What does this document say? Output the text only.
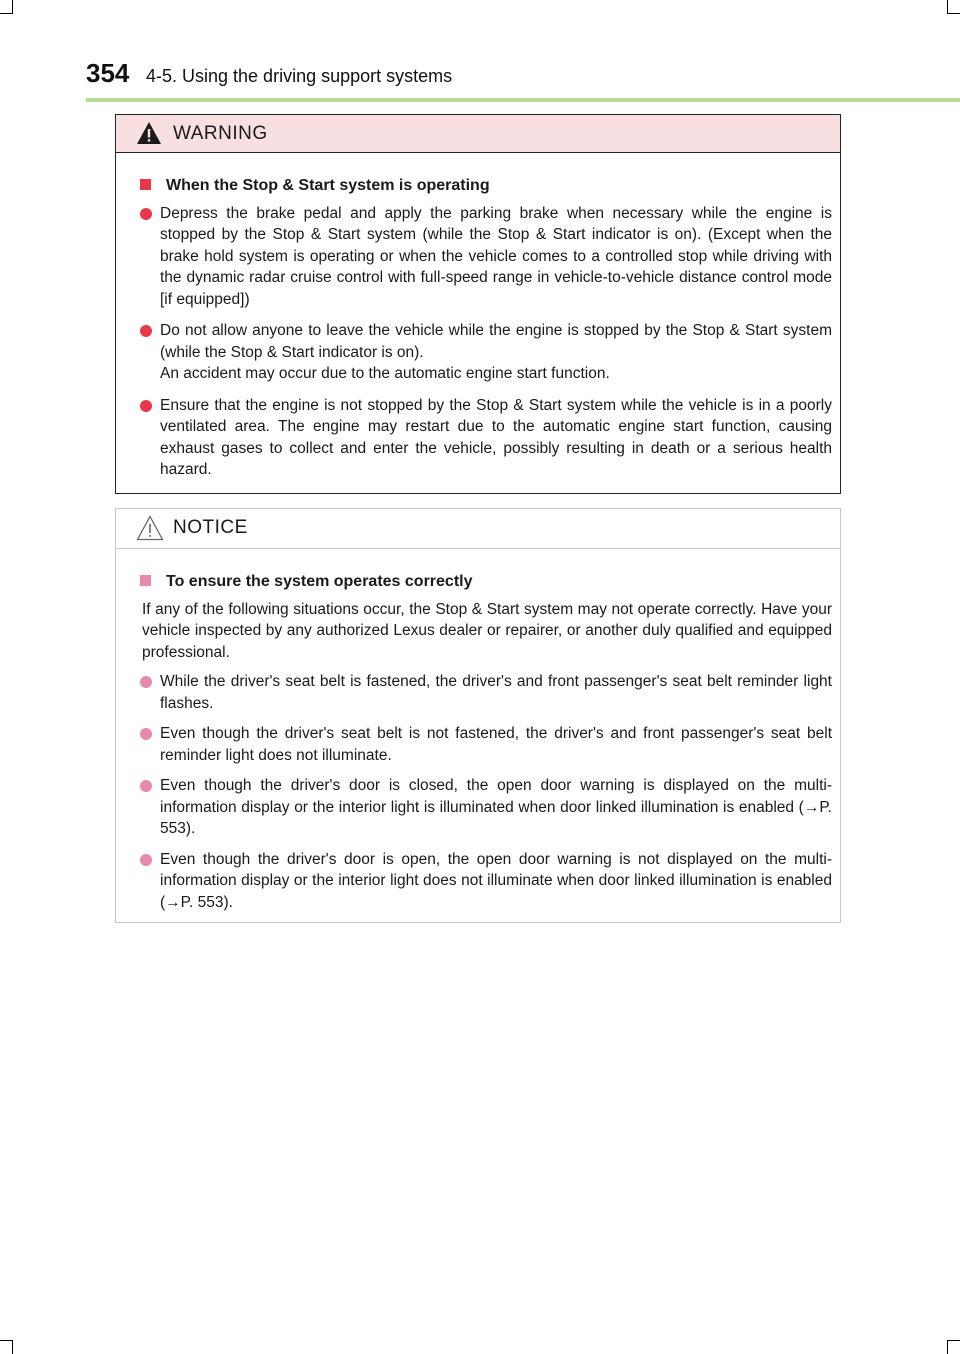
354 4-5. Using the driving support systems
WARNING
When the Stop & Start system is operating
Depress the brake pedal and apply the parking brake when necessary while the engine is stopped by the Stop & Start system (while the Stop & Start indicator is on). (Except when the brake hold system is operating or when the vehicle comes to a controlled stop while driving with the dynamic radar cruise control with full-speed range in vehicle-to-vehicle distance control mode [if equipped])
Do not allow anyone to leave the vehicle while the engine is stopped by the Stop & Start system (while the Stop & Start indicator is on).
An accident may occur due to the automatic engine start function.
Ensure that the engine is not stopped by the Stop & Start system while the vehicle is in a poorly ventilated area. The engine may restart due to the automatic engine start function, causing exhaust gases to collect and enter the vehicle, possibly resulting in death or a serious health hazard.
NOTICE
To ensure the system operates correctly
If any of the following situations occur, the Stop & Start system may not operate correctly. Have your vehicle inspected by any authorized Lexus dealer or repairer, or another duly qualified and equipped professional.
While the driver's seat belt is fastened, the driver's and front passenger's seat belt reminder light flashes.
Even though the driver's seat belt is not fastened, the driver's and front passenger's seat belt reminder light does not illuminate.
Even though the driver's door is closed, the open door warning is displayed on the multi-information display or the interior light is illuminated when door linked illumination is enabled (→P. 553).
Even though the driver's door is open, the open door warning is not displayed on the multi-information display or the interior light does not illuminate when door linked illumination is enabled (→P. 553).
